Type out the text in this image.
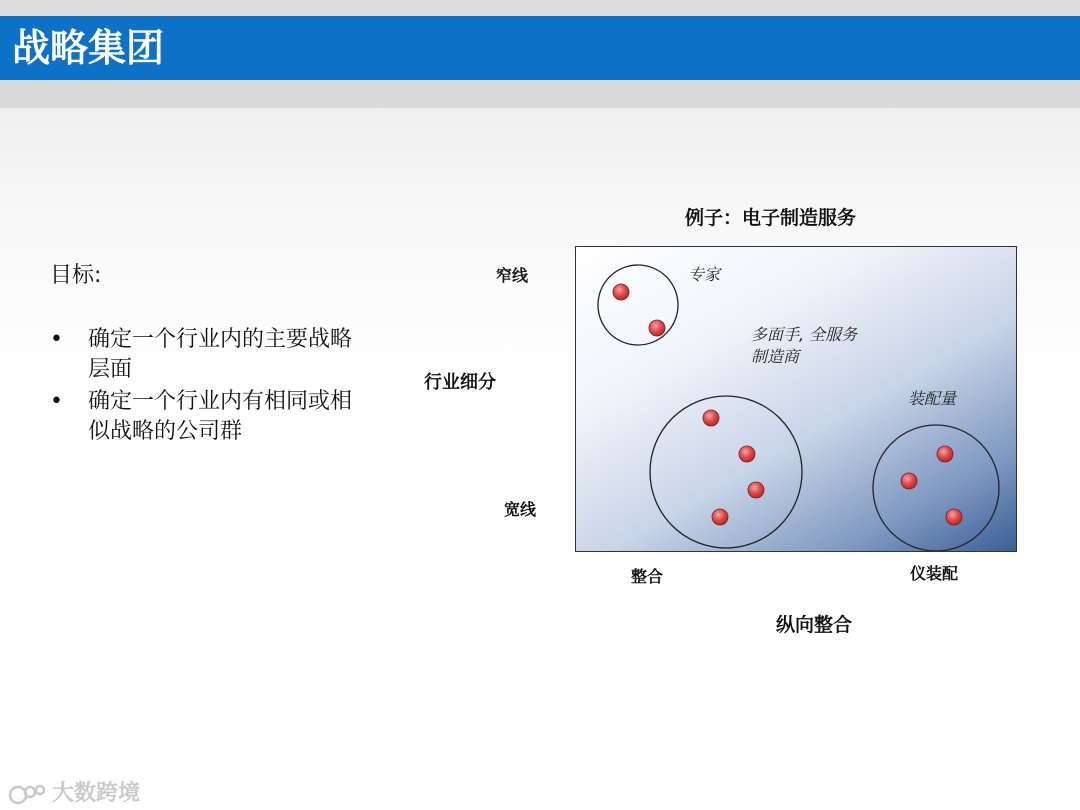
战略集团
目标:
• 确定一个行业内的主要战略
层面
• 确定一个行业内有相同或相
似战略的公司群
例子：电子制造服务
窄线
行业细分
宽线
整合	仪装配
纵向整合
专家
多面手, 全服务
制造商
装配量
大数跨境
